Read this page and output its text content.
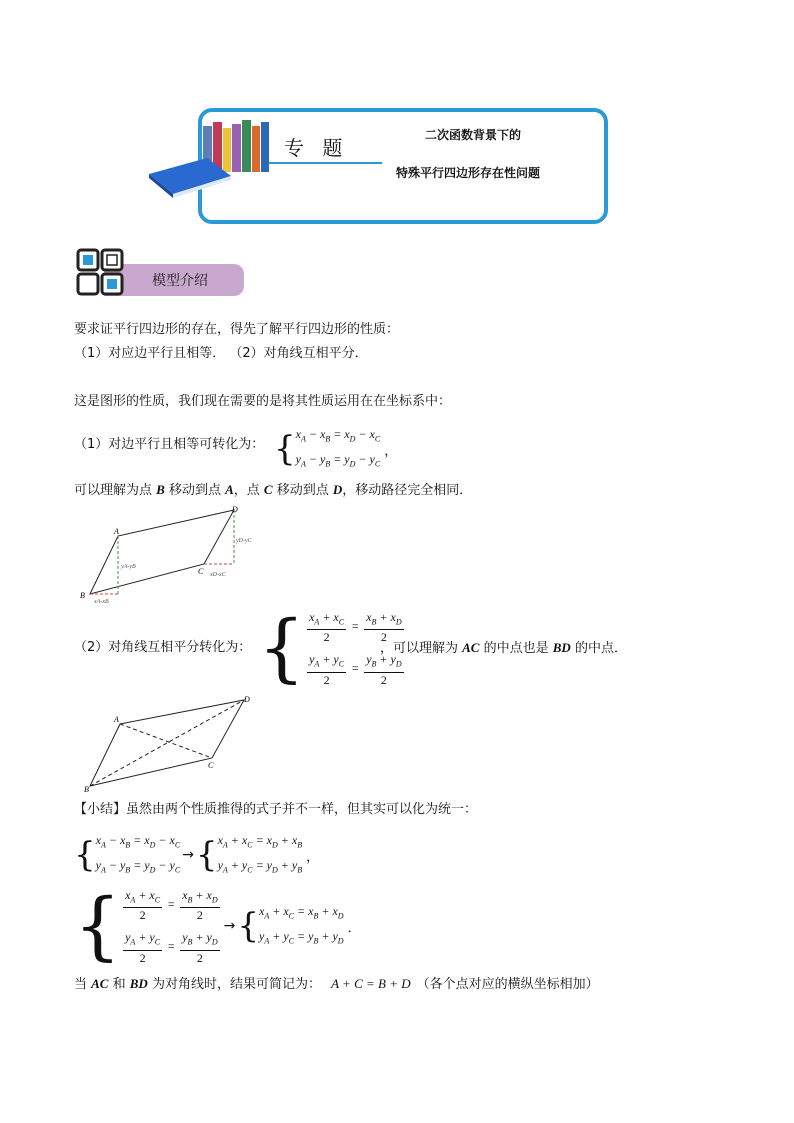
专 题
二次函数背景下的
特殊平行四边形存在性问题
模型介绍
要求证平行四边形的存在，得先了解平行四边形的性质：
（1）对应边平行且相等． （2）对角线互相平分．
这是图形的性质，我们现在需要的是将其性质运用在在坐标系中：
（1）对边平行且相等可转化为： { $x_A - x_B = x_D - x_C$
$y_A - y_B = y_D - y_C$
，
可以理解为点 B 移动到点 A，点 C 移动到点 D，移动路径完全相同．
A
B
C
D
yA-yB
yD-yC
xA-xB
xD-xC
（2）对角线互相平分转化为： { $\frac{x_A + x_C}{2} = \frac{x_B + x_D}{2}$
$\frac{y_A + y_C}{2} = \frac{y_B + y_D}{2}$
，可以理解为 AC 的中点也是 BD 的中点．
A
B
C
D
【小结】虽然由两个性质推得的式子并不一样，但其实可以化为统一：
{ $x_A - x_B = x_D - x_C$
$y_A - y_B = y_D - y_C$
→ { $x_A + x_C = x_D + x_B$
$y_A + y_C = y_D + y_B$
，
{ $\frac{x_A + x_C}{2} = \frac{x_B + x_D}{2}$
$\frac{y_A + y_C}{2} = \frac{y_B + y_D}{2}$
→ { $x_A + x_C = x_B + x_D$
$y_A + y_C = y_B + y_D$
．
当 AC 和 BD 为对角线时，结果可简记为： A + C = B + D （各个点对应的横纵坐标相加）
